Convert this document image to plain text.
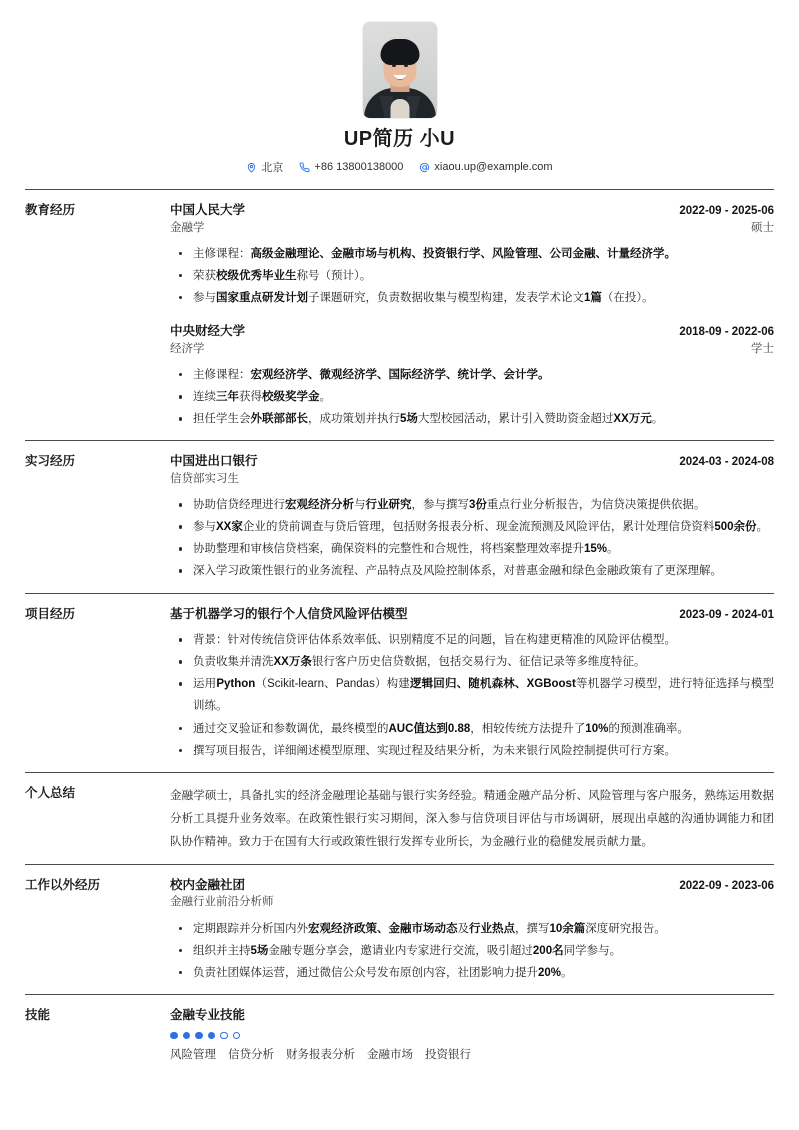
UP简历 小U
北京	+86 13800138000	xiaou.up@example.com
教育经历	中国人民大学	2022-09 - 2025-06
金融学	硕士
主修课程：高级金融理论、金融市场与机构、投资银行学、风险管理、公司金融、计量经济学。
荣获校级优秀毕业生称号（预计）。
参与国家重点研发计划子课题研究，负责数据收集与模型构建，发表学术论文1篇（在投）。
中央财经大学	2018-09 - 2022-06
经济学	学士
主修课程：宏观经济学、微观经济学、国际经济学、统计学、会计学。
连续三年获得校级奖学金。
担任学生会外联部部长，成功策划并执行5场大型校园活动，累计引入赞助资金超过XX万元。
实习经历	中国进出口银行	2024-03 - 2024-08
信贷部实习生
协助信贷经理进行宏观经济分析与行业研究，参与撰写3份重点行业分析报告，为信贷决策提供依据。
参与XX家企业的贷前调查与贷后管理，包括财务报表分析、现金流预测及风险评估，累计处理信贷资料500余份。
协助整理和审核信贷档案，确保资料的完整性和合规性，将档案整理效率提升15%。
深入学习政策性银行的业务流程、产品特点及风险控制体系，对普惠金融和绿色金融政策有了更深理解。
项目经历	基于机器学习的银行个人信贷风险评估模型	2023-09 - 2024-01
背景：针对传统信贷评估体系效率低、识别精度不足的问题，旨在构建更精准的风险评估模型。
负责收集并清洗XX万条银行客户历史信贷数据，包括交易行为、征信记录等多维度特征。
运用Python（Scikit-learn、Pandas）构建逻辑回归、随机森林、XGBoost等机器学习模型，进行特征选择与模型训练。
通过交叉验证和参数调优，最终模型的AUC值达到0.88，相较传统方法提升了10%的预测准确率。
撰写项目报告，详细阐述模型原理、实现过程及结果分析，为未来银行风险控制提供可行方案。
个人总结	金融学硕士，具备扎实的经济金融理论基础与银行实务经验。精通金融产品分析、风险管理与客户服务，熟练运用数据分析工具提升业务效率。在政策性银行实习期间，深入参与信贷项目评估与市场调研，展现出卓越的沟通协调能力和团队协作精神。致力于在国有大行或政策性银行发挥专业所长，为金融行业的稳健发展贡献力量。
工作以外经历	校内金融社团	2022-09 - 2023-06
金融行业前沿分析师
定期跟踪并分析国内外宏观经济政策、金融市场动态及行业热点，撰写10余篇深度研究报告。
组织并主持5场金融专题分享会，邀请业内专家进行交流，吸引超过200名同学参与。
负责社团媒体运营，通过微信公众号发布原创内容，社团影响力提升20%。
技能	金融专业技能
风险管理 信贷分析 财务报表分析 金融市场 投资银行
